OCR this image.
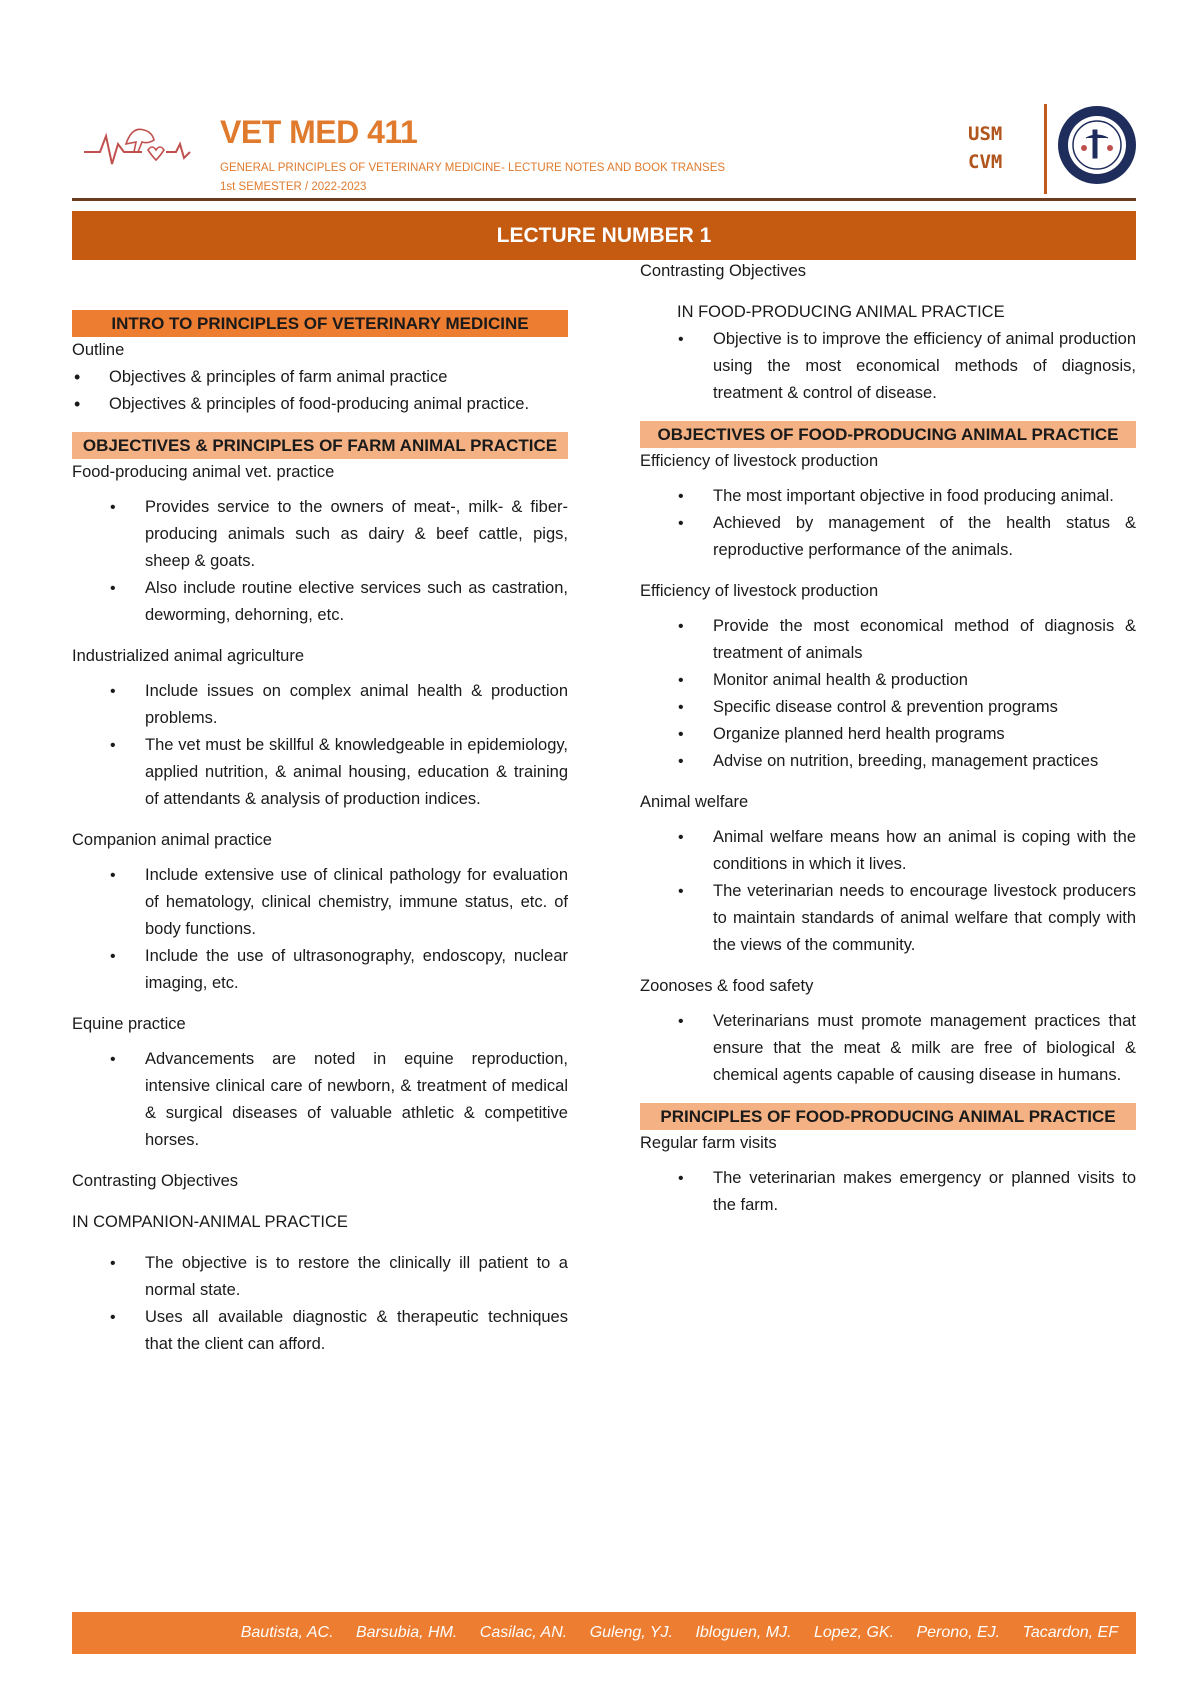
VET MED 411
GENERAL PRINCIPLES OF VETERINARY MEDICINE- LECTURE NOTES AND BOOK TRANSES
1st SEMESTER / 2022-2023
USM
CVM
LECTURE NUMBER 1
INTRO TO PRINCIPLES OF VETERINARY MEDICINE
Outline
• Objectives & principles of farm animal practice
• Objectives & principles of food-producing animal practice.
OBJECTIVES & PRINCIPLES OF FARM ANIMAL PRACTICE
Food-producing animal vet. practice
• Provides service to the owners of meat-, milk- & fiber-producing animals such as dairy & beef cattle, pigs, sheep & goats.
• Also include routine elective services such as castration, deworming, dehorning, etc.
Industrialized animal agriculture
• Include issues on complex animal health & production problems.
• The vet must be skillful & knowledgeable in epidemiology, applied nutrition, & animal housing, education & training of attendants & analysis of production indices.
Companion animal practice
• Include extensive use of clinical pathology for evaluation of hematology, clinical chemistry, immune status, etc. of body functions.
• Include the use of ultrasonography, endoscopy, nuclear imaging, etc.
Equine practice
• Advancements are noted in equine reproduction, intensive clinical care of newborn, & treatment of medical & surgical diseases of valuable athletic & competitive horses.
Contrasting Objectives
IN COMPANION-ANIMAL PRACTICE
• The objective is to restore the clinically ill patient to a normal state.
• Uses all available diagnostic & therapeutic techniques that the client can afford.
Contrasting Objectives
IN FOOD-PRODUCING ANIMAL PRACTICE
• Objective is to improve the efficiency of animal production using the most economical methods of diagnosis, treatment & control of disease.
OBJECTIVES OF FOOD-PRODUCING ANIMAL PRACTICE
Efficiency of livestock production
• The most important objective in food producing animal.
• Achieved by management of the health status & reproductive performance of the animals.
Efficiency of livestock production
• Provide the most economical method of diagnosis & treatment of animals
• Monitor animal health & production
• Specific disease control & prevention programs
• Organize planned herd health programs
• Advise on nutrition, breeding, management practices
Animal welfare
• Animal welfare means how an animal is coping with the conditions in which it lives.
• The veterinarian needs to encourage livestock producers to maintain standards of animal welfare that comply with the views of the community.
Zoonoses & food safety
• Veterinarians must promote management practices that ensure that the meat & milk are free of biological & chemical agents capable of causing disease in humans.
PRINCIPLES OF FOOD-PRODUCING ANIMAL PRACTICE
Regular farm visits
• The veterinarian makes emergency or planned visits to the farm.
Bautista, AC. Barsubia, HM. Casilac, AN. Guleng, YJ. Ibloguen, MJ. Lopez, GK. Perono, EJ. Tacardon, EF
